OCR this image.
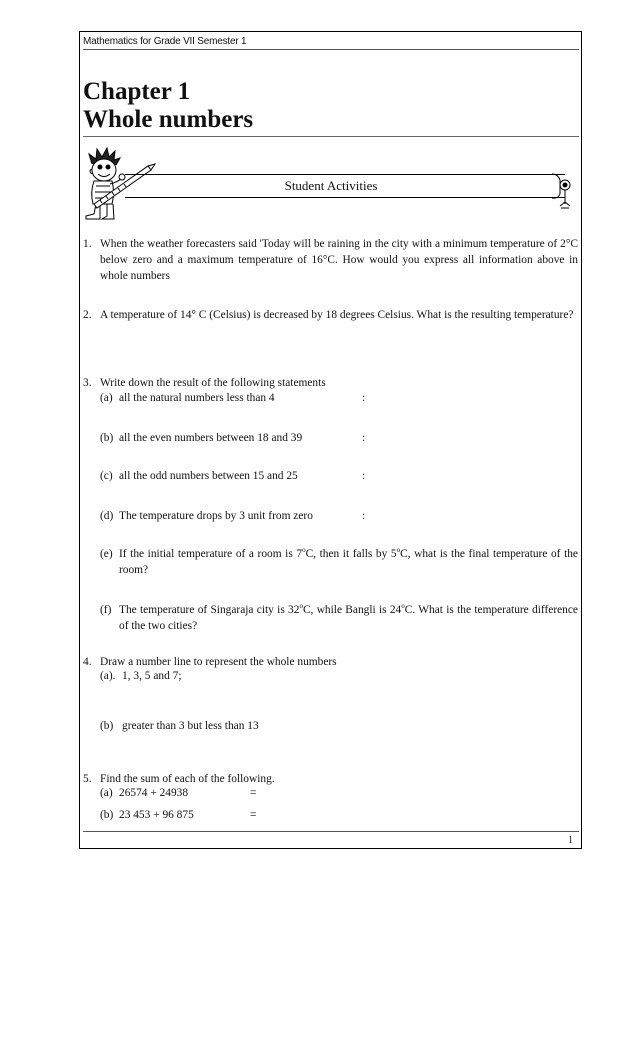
Mathematics for Grade VII Semester 1
Chapter 1
Whole numbers
Student Activities
1. When the weather forecasters said 'Today will be raining in the city with a minimum temperature of 2°C below zero and a maximum temperature of 16°C. How would you express all information above in whole numbers
2. A temperature of 14° C (Celsius) is decreased by 18 degrees Celsius. What is the resulting temperature?
3. Write down the result of the following statements
(a) all the natural numbers less than 4	:
(b) all the even numbers between 18 and 39	:
(c) all the odd numbers between 15 and 25	:
(d) The temperature drops by 3 unit from zero	:
(e) If the initial temperature of a room is 7$^o$C, then it falls by 5$^o$C, what is the final temperature of the room?
(f) The temperature of Singaraja city is 32$^o$C, while Bangli is 24$^o$C. What is the temperature difference of the two cities?
4. Draw a number line to represent the whole numbers
(a). 1, 3, 5 and 7;
(b) greater than 3 but less than 13
5. Find the sum of each of the following.
(a) 26574 + 24938	=
(b) 23 453 + 96 875	=
1
